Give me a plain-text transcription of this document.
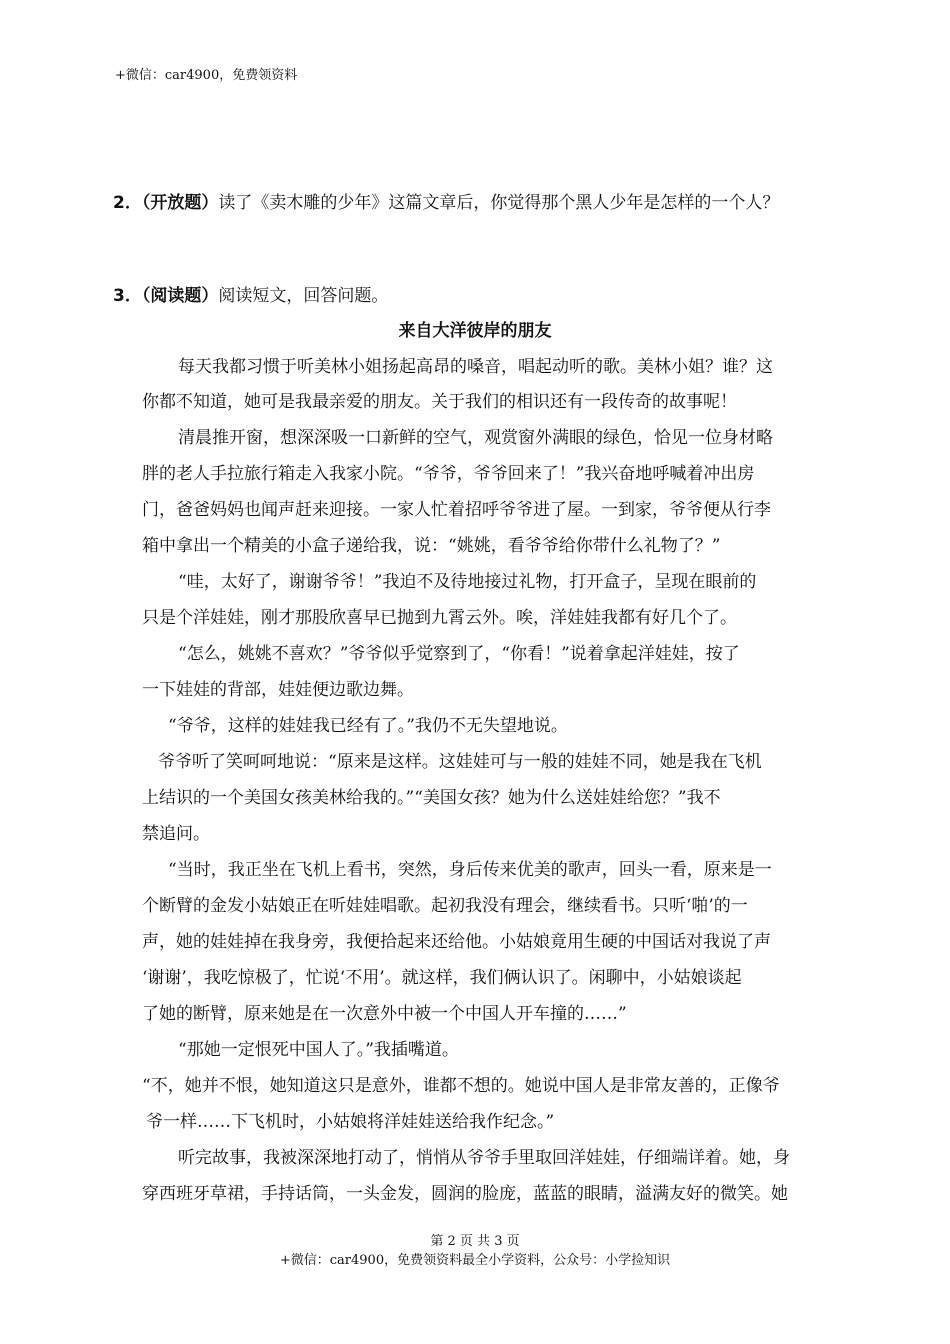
+微信：car4900，免费领资料
2．（开放题）读了《卖木雕的少年》这篇文章后，你觉得那个黑人少年是怎样的一个人？
3．（阅读题）阅读短文，回答问题。
来自大洋彼岸的朋友
每天我都习惯于听美林小姐扬起高昂的嗓音，唱起动听的歌。美林小姐？谁？这
你都不知道，她可是我最亲爱的朋友。关于我们的相识还有一段传奇的故事呢！
清晨推开窗，想深深吸一口新鲜的空气，观赏窗外满眼的绿色，恰见一位身材略
胖的老人手拉旅行箱走入我家小院。“爷爷，爷爷回来了！”我兴奋地呼喊着冲出房
门，爸爸妈妈也闻声赶来迎接。一家人忙着招呼爷爷进了屋。一到家，爷爷便从行李
箱中拿出一个精美的小盒子递给我，说：“姚姚，看爷爷给你带什么礼物了？”
“哇，太好了，谢谢爷爷！”我迫不及待地接过礼物，打开盒子，呈现在眼前的
只是个洋娃娃，刚才那股欣喜早已抛到九霄云外。唉，洋娃娃我都有好几个了。
“怎么，姚姚不喜欢？”爷爷似乎觉察到了，“你看！”说着拿起洋娃娃，按了
一下娃娃的背部，娃娃便边歌边舞。
“爷爷，这样的娃娃我已经有了。”我仍不无失望地说。
爷爷听了笑呵呵地说：“原来是这样。这娃娃可与一般的娃娃不同，她是我在飞机
上结识的一个美国女孩美林给我的。”“美国女孩？她为什么送娃娃给您？”我不
禁追问。
“当时，我正坐在飞机上看书，突然，身后传来优美的歌声，回头一看，原来是一
个断臂的金发小姑娘正在听娃娃唱歌。起初我没有理会，继续看书。只听‘啪’的一
声，她的娃娃掉在我身旁，我便拾起来还给他。小姑娘竟用生硬的中国话对我说了声
‘谢谢’，我吃惊极了，忙说‘不用’。就这样，我们俩认识了。闲聊中，小姑娘谈起
了她的断臂，原来她是在一次意外中被一个中国人开车撞的……”
“那她一定恨死中国人了。”我插嘴道。
“不，她并不恨，她知道这只是意外，谁都不想的。她说中国人是非常友善的，正像爷
爷一样……下飞机时，小姑娘将洋娃娃送给我作纪念。”
听完故事，我被深深地打动了，悄悄从爷爷手里取回洋娃娃，仔细端详着。她，身
穿西班牙草裙，手持话筒，一头金发，圆润的脸庞，蓝蓝的眼睛，溢满友好的微笑。她
第 2 页 共 3 页
+微信：car4900，免费领资料最全小学资料，公众号：小学捡知识
